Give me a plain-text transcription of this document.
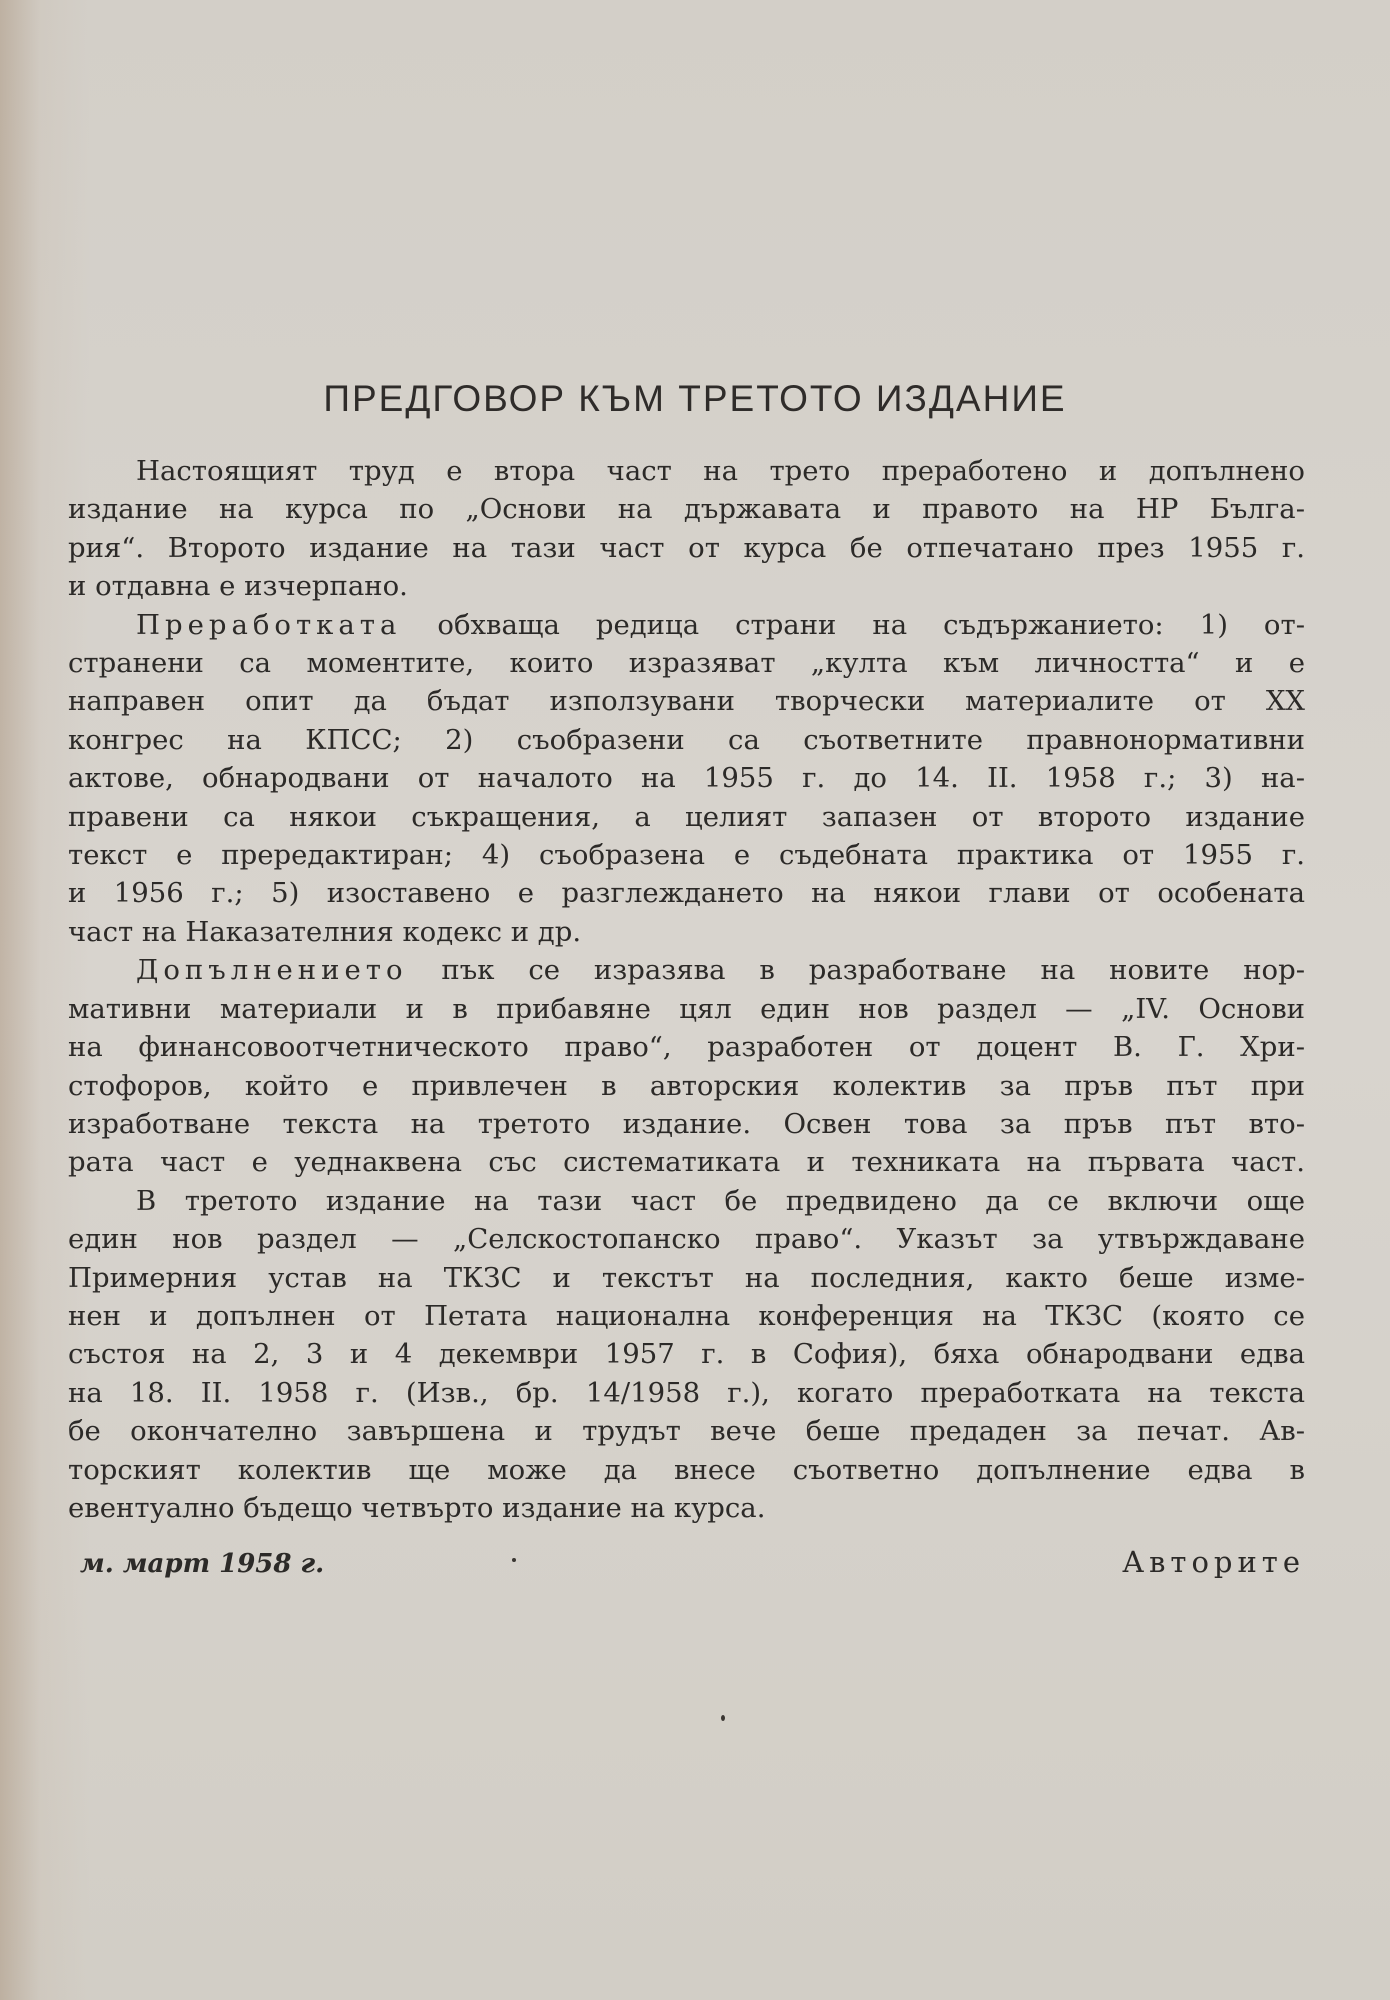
ПРЕДГОВОР КЪМ ТРЕТОТО ИЗДАНИЕ
Настоящият труд е втора част на трето преработено и допълнено
издание на курса по „Основи на държавата и правото на НР Бълга-
рия“. Второто издание на тази част от курса бе отпечатано през 1955 г.
и отдавна е изчерпано.
Преработката обхваща редица страни на съдържанието: 1) от-
странени са моментите, които изразяват „култа към личността“ и е
направен опит да бъдат използувани творчески материалите от XX
конгрес на КПСС; 2) съобразени са съответните правнонормативни
актове, обнародвани от началото на 1955 г. до 14. II. 1958 г.; 3) на-
правени са някои съкращения, а целият запазен от второто издание
текст е прередактиран; 4) съобразена е съдебната практика от 1955 г.
и 1956 г.; 5) изоставено е разглеждането на някои глави от особената
част на Наказателния кодекс и др.
Допълнението пък се изразява в разработване на новите нор-
мативни материали и в прибавяне цял един нов раздел — „IV. Основи
на финансовоотчетническото право“, разработен от доцент В. Г. Хри-
стофоров, който е привлечен в авторския колектив за пръв път при
изработване текста на третото издание. Освен това за пръв път вто-
рата част е уеднаквена със систематиката и техниката на първата част.
В третото издание на тази част бе предвидено да се включи още
един нов раздел — „Селскостопанско право“. Указът за утвърждаване
Примерния устав на ТКЗС и текстът на последния, както беше изме-
нен и допълнен от Петата национална конференция на ТКЗС (която се
състоя на 2, 3 и 4 декември 1957 г. в София), бяха обнародвани едва
на 18. II. 1958 г. (Изв., бр. 14/1958 г.), когато преработката на текста
бе окончателно завършена и трудът вече беше предаден за печат. Ав-
торският колектив ще може да внесе съответно допълнение едва в
евентуално бъдещо четвърто издание на курса.
м. март 1958 г.	Авторите
